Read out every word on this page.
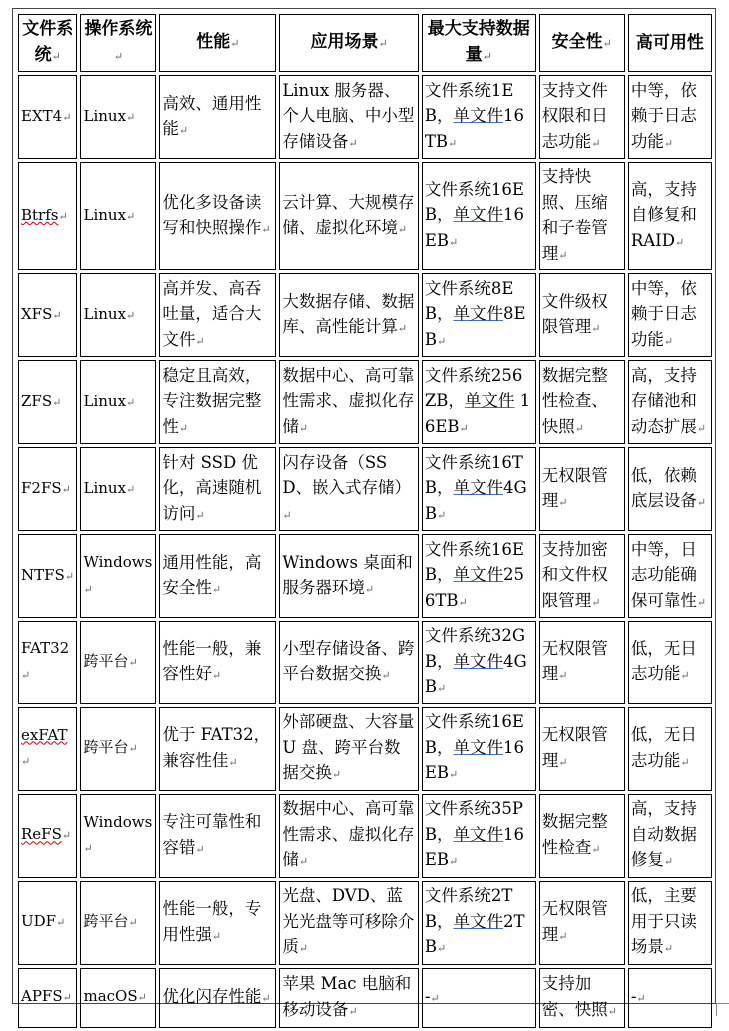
文件系统↵	操作系统↵	性能↵	应用场景↵	最大支持数据量↵	安全性↵	高可用性
EXT4↵	Linux↵	高效、通用性能↵	Linux 服务器、个人电脑、中小型存储设备↵	文件系统1EB，单文件16TB↵	支持文件权限和日志功能↵	中等，依赖于日志功能↵
Btrfs↵	Linux↵	优化多设备读写和快照操作↵	云计算、大规模存储、虚拟化环境↵	文件系统16EB，单文件16EB↵	支持快照、压缩和子卷管理↵	高，支持自修复和RAID↵
XFS↵	Linux↵	高并发、高吞吐量，适合大文件↵	大数据存储、数据库、高性能计算↵	文件系统8EB，单文件8EB↵	文件级权限管理↵	中等，依赖于日志功能↵
ZFS↵	Linux↵	稳定且高效，专注数据完整性↵	数据中心、高可靠性需求、虚拟化存储↵	文件系统256ZB，单文件 16EB↵	数据完整性检查、快照↵	高，支持存储池和动态扩展↵
F2FS↵	Linux↵	针对 SSD 优化，高速随机访问↵	闪存设备（SSD、嵌入式存储）↵	文件系统16TB，单文件4GB↵	无权限管理↵	低，依赖底层设备↵
NTFS↵	Windows↵	通用性能，高安全性↵	Windows 桌面和服务器环境↵	文件系统16EB，单文件256TB↵	支持加密和文件权限管理↵	中等，日志功能确保可靠性↵
FAT32↵	跨平台↵	性能一般，兼容性好↵	小型存储设备、跨平台数据交换↵	文件系统32GB，单文件4GB↵	无权限管理↵	低，无日志功能↵
exFAT↵	跨平台↵	优于 FAT32，兼容性佳↵	外部硬盘、大容量 U 盘、跨平台数据交换↵	文件系统16EB，单文件16EB↵	无权限管理↵	低，无日志功能↵
ReFS↵	Windows↵	专注可靠性和容错↵	数据中心、高可靠性需求、虚拟化存储↵	文件系统35PB，单文件16EB↵	数据完整性检查↵	高，支持自动数据修复↵
UDF↵	跨平台↵	性能一般，专用性强↵	光盘、DVD、蓝光光盘等可移除介质↵	文件系统2TB，单文件2TB↵	无权限管理↵	低，主要用于只读场景↵
APFS↵	macOS↵	优化闪存性能↵	苹果 Mac 电脑和移动设备↵	-↵	支持加密、快照↵	-↵
